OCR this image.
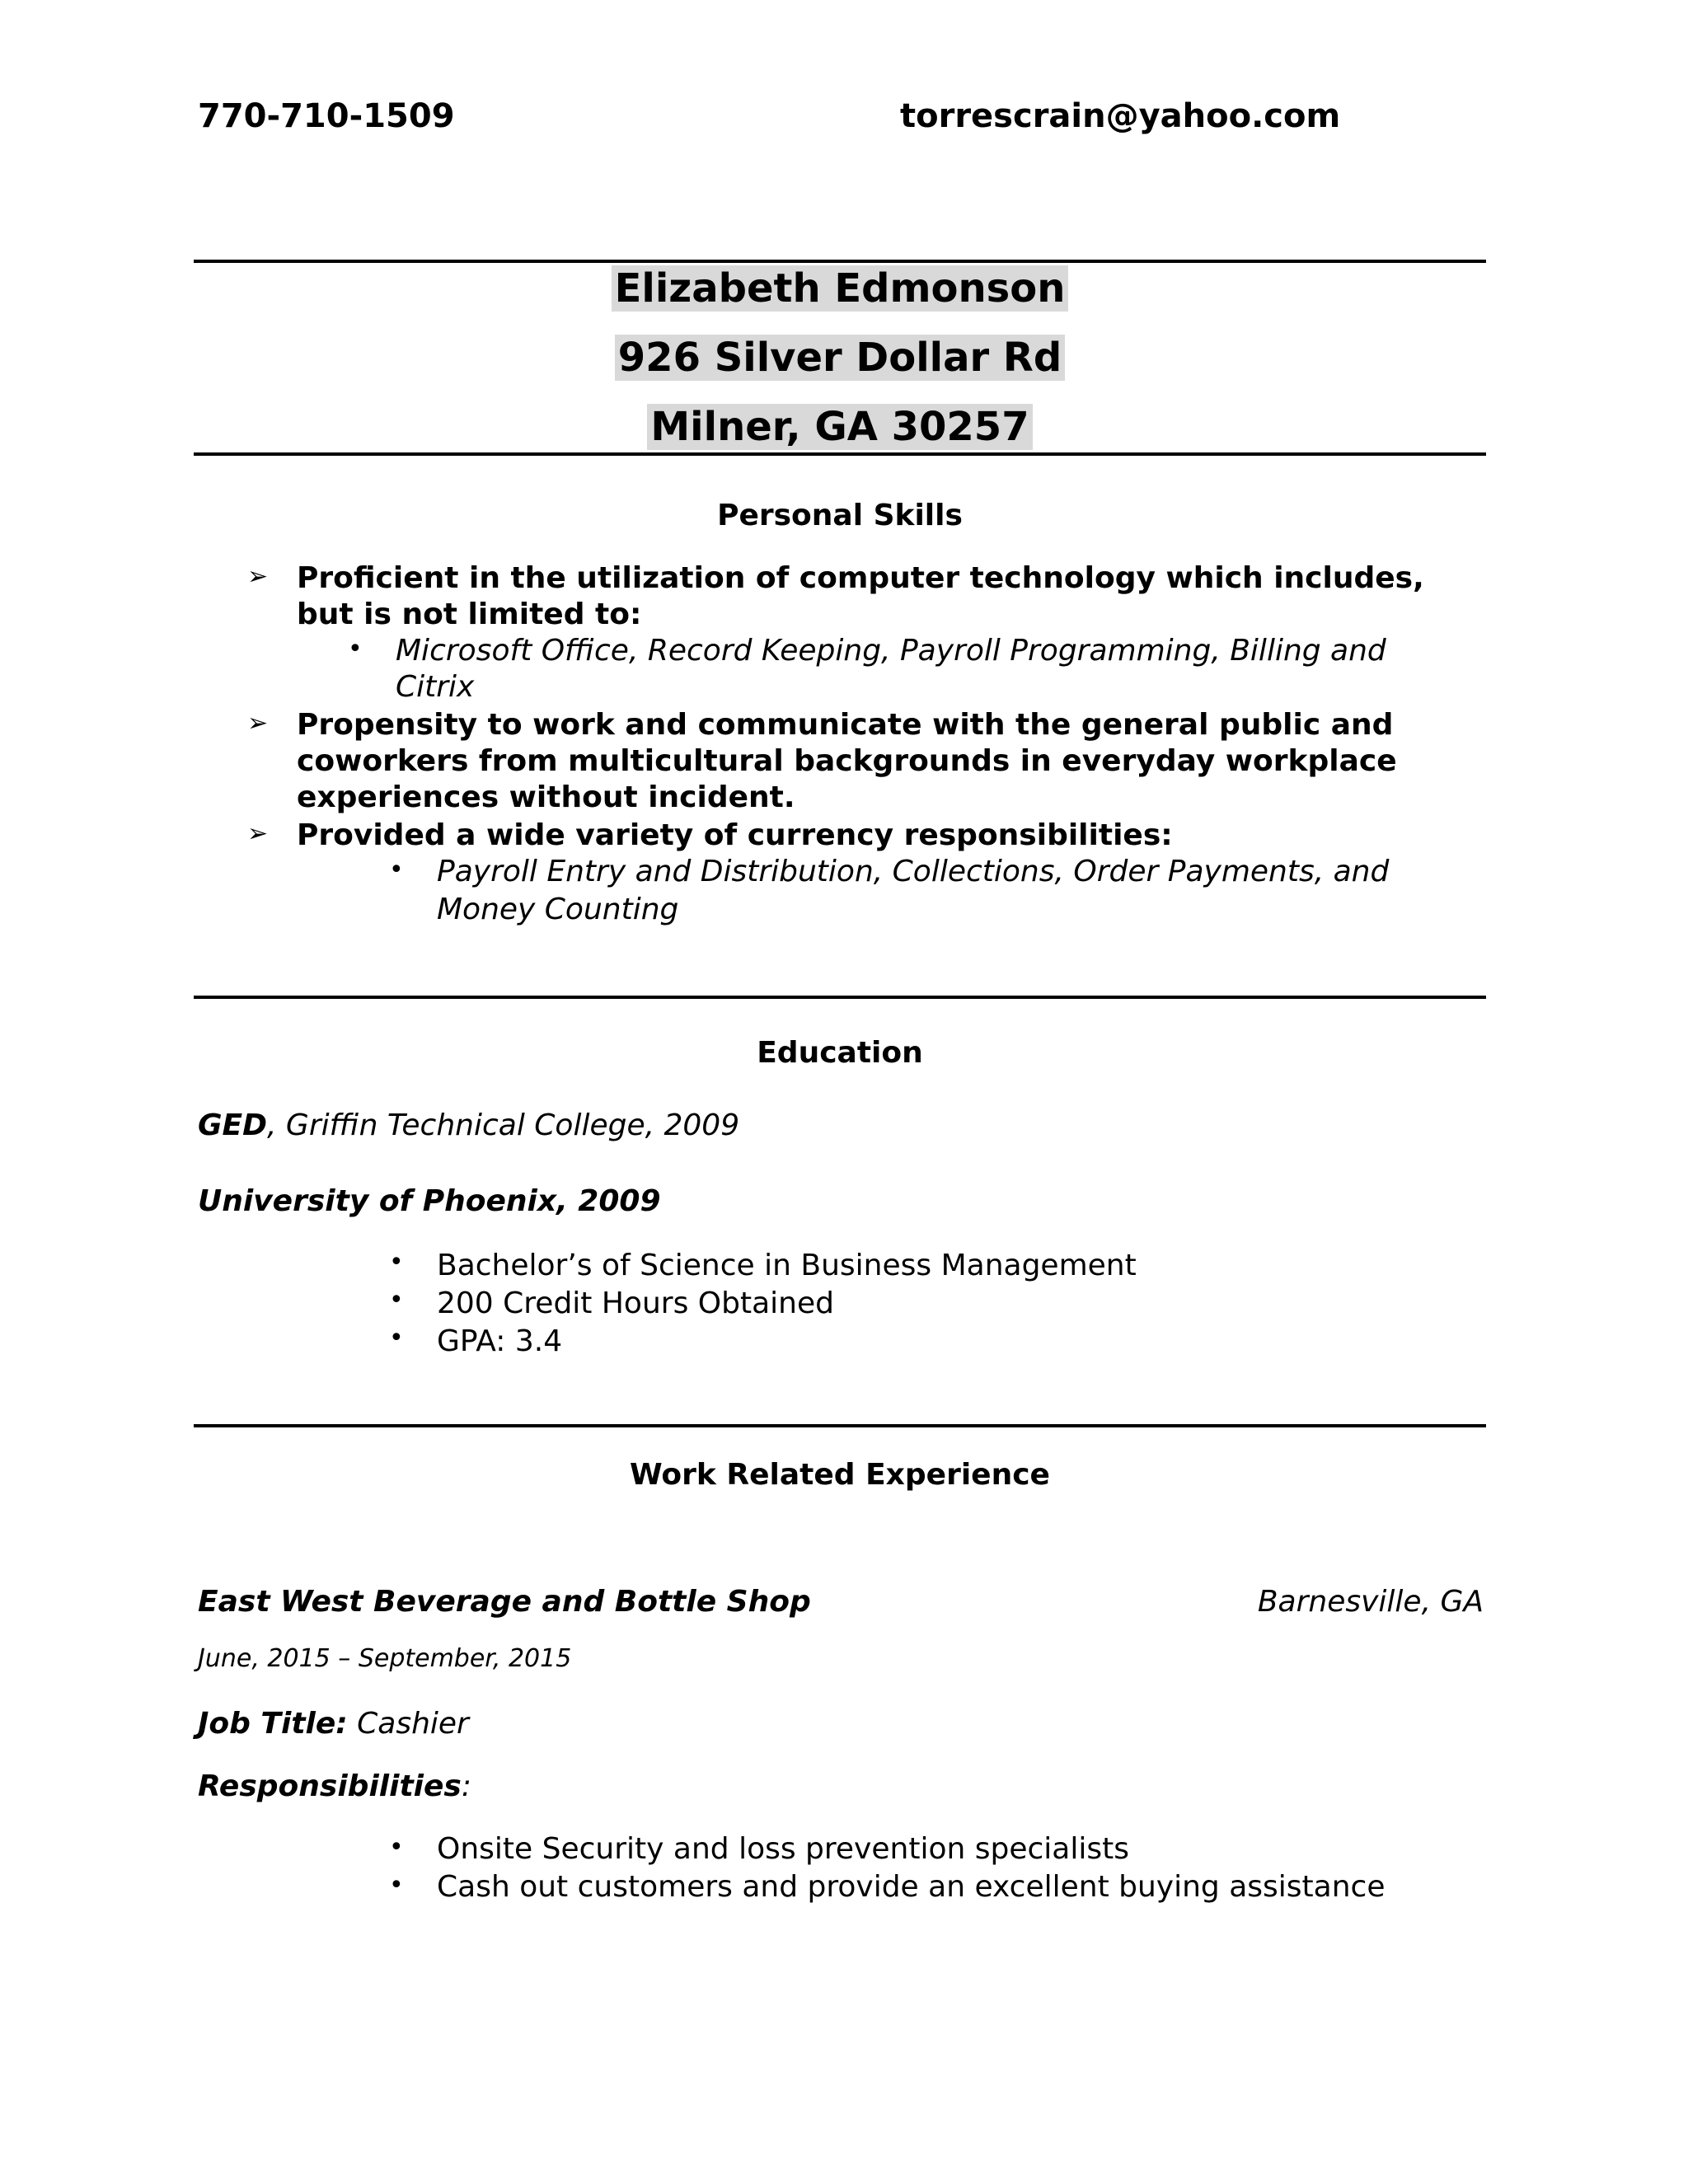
770-710-1509	torrescrain@yahoo.com
Elizabeth Edmonson
926 Silver Dollar Rd
Milner, GA 30257
Personal Skills
➢ Proficient in the utilization of computer technology which includes,
but is not limited to:
• Microsoft Office, Record Keeping, Payroll Programming, Billing and
Citrix
➢ Propensity to work and communicate with the general public and
coworkers from multicultural backgrounds in everyday workplace
experiences without incident.
➢ Provided a wide variety of currency responsibilities:
• Payroll Entry and Distribution, Collections, Order Payments, and
Money Counting
Education
GED, Griffin Technical College, 2009
University of Phoenix, 2009
• Bachelor’s of Science in Business Management
• 200 Credit Hours Obtained
• GPA: 3.4
Work Related Experience
East West Beverage and Bottle Shop	Barnesville, GA
June, 2015 – September, 2015
Job Title: Cashier
Responsibilities:
• Onsite Security and loss prevention specialists
• Cash out customers and provide an excellent buying assistance
